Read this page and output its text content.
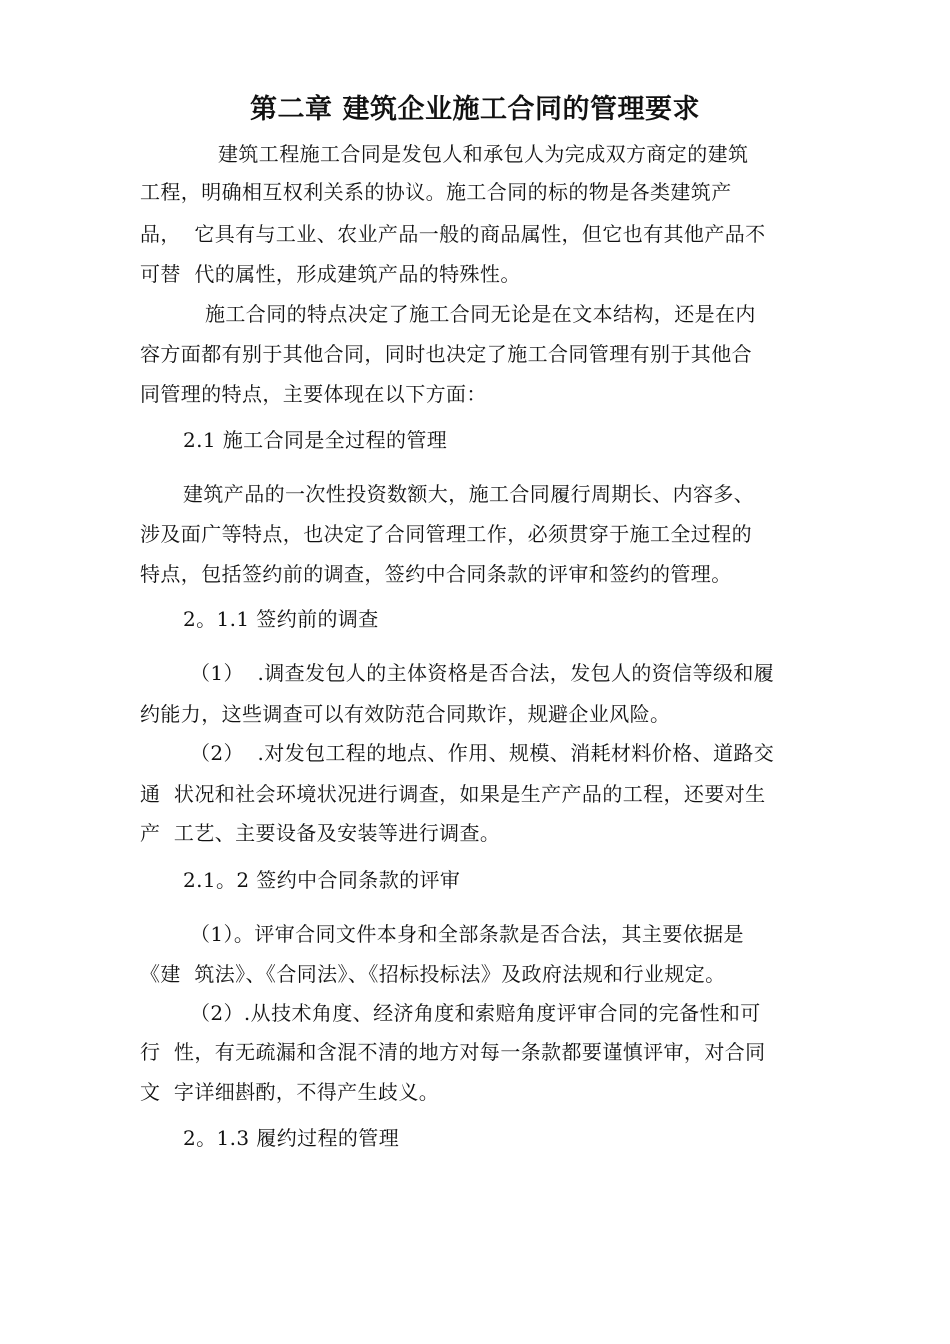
第二章 建筑企业施工合同的管理要求
建筑工程施工合同是发包人和承包人为完成双方商定的建筑
工程，明确相互权利关系的协议。施工合同的标的物是各类建筑产
品，  它具有与工业、农业产品一般的商品属性，但它也有其他产品不
可替  代的属性，形成建筑产品的特殊性。
施工合同的特点决定了施工合同无论是在文本结构，还是在内
容方面都有别于其他合同，同时也决定了施工合同管理有别于其他合
同管理的特点，主要体现在以下方面：
2.1 施工合同是全过程的管理
建筑产品的一次性投资数额大，施工合同履行周期长、内容多、
涉及面广等特点，也决定了合同管理工作，必须贯穿于施工全过程的
特点，包括签约前的调查，签约中合同条款的评审和签约的管理。
2。1.1 签约前的调查
（1）  .调查发包人的主体资格是否合法，发包人的资信等级和履
约能力，这些调查可以有效防范合同欺诈，规避企业风险。
（2）  .对发包工程的地点、作用、规模、消耗材料价格、道路交
通  状况和社会环境状况进行调查，如果是生产产品的工程，还要对生
产  工艺、主要设备及安装等进行调查。
2.1。2 签约中合同条款的评审
（1）。评审合同文件本身和全部条款是否合法，其主要依据是
《建  筑法》、《合同法》、《招标投标法》及政府法规和行业规定。
（2）.从技术角度、经济角度和索赔角度评审合同的完备性和可
行  性，有无疏漏和含混不清的地方对每一条款都要谨慎评审，对合同
文  字详细斟酌，不得产生歧义。
2。1.3 履约过程的管理
